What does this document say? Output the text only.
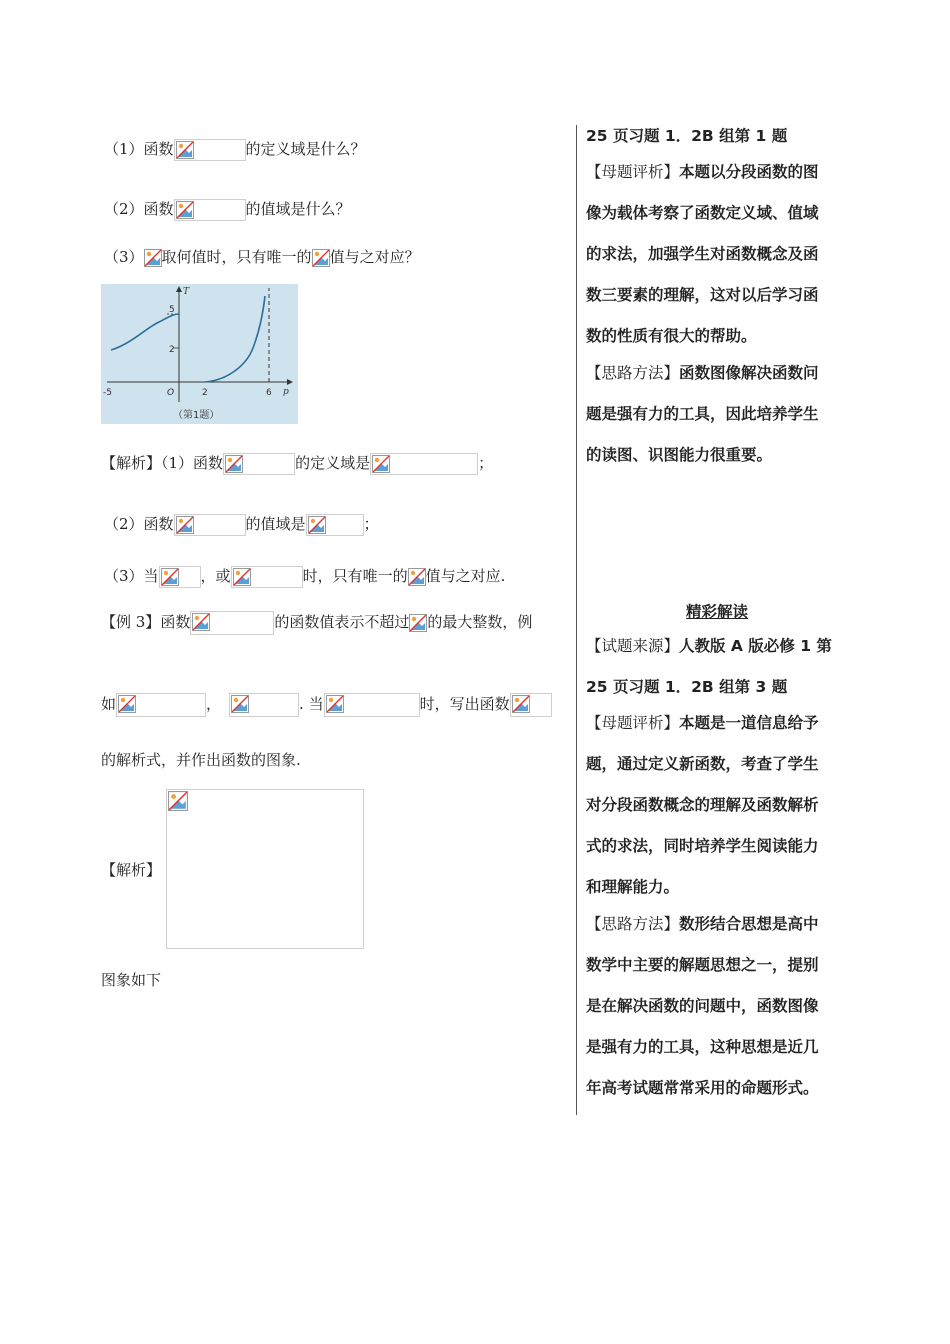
（1）函数	的定义域是什么？
（2）函数	的值域是什么？
（3） 取何值时，只有唯一的 值与之对应？
-5	O	2	6
5
2
p
T
（第1题）
【解析】（1）函数	的定义域是	；
（2）函数	的值域是	；
（3）当	，或	时，只有唯一的 值与之对应.
【例 3】函数	的函数值表示不超过 的最大整数，例
如	，	. 当	时，写出函数
的解析式，并作出函数的图象.
【解析】
图象如下
25 页习题 1．2B 组第 1 题
【母题评析】本题以分段函数的图
像为载体考察了函数定义域、值域
的求法，加强学生对函数概念及函
数三要素的理解，这对以后学习函
数的性质有很大的帮助。
【思路方法】函数图像解决函数问
题是强有力的工具，因此培养学生
的读图、识图能力很重要。
精彩解读
【试题来源】人教版 A 版必修 1 第
25 页习题 1．2B 组第 3 题
【母题评析】本题是一道信息给予
题，通过定义新函数，考查了学生
对分段函数概念的理解及函数解析
式的求法，同时培养学生阅读能力
和理解能力。
【思路方法】数形结合思想是高中
数学中主要的解题思想之一，提别
是在解决函数的问题中，函数图像
是强有力的工具，这种思想是近几
年高考试题常常采用的命题形式。
